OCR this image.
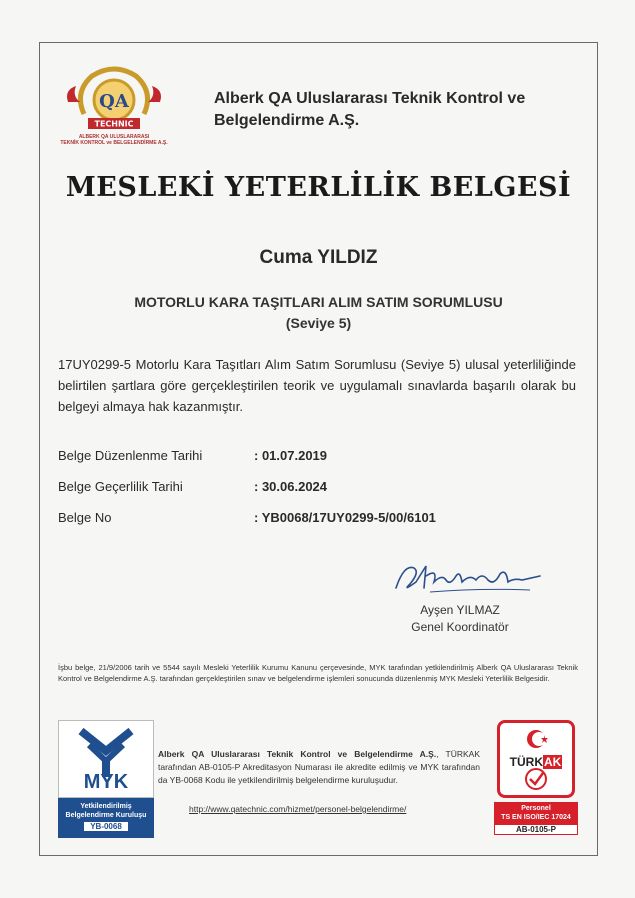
QA
TECHNIC
ALBERK QA ULUSLARARASI
TEKNİK KONTROL ve BELGELENDİRME A.Ş.
Alberk QA Uluslararası Teknik Kontrol ve
Belgelendirme A.Ş.
MESLEKİ YETERLİLİK BELGESİ
Cuma YILDIZ
MOTORLU KARA TAŞITLARI ALIM SATIM SORUMLUSU
(Seviye 5)
17UY0299-5 Motorlu Kara Taşıtları Alım Satım Sorumlusu (Seviye 5) ulusal yeterliliğinde belirtilen şartlara göre gerçekleştirilen teorik ve uygulamalı sınavlarda başarılı olarak bu belgeyi almaya hak kazanmıştır.
Belge Düzenlenme Tarihi	: 01.07.2019
Belge Geçerlilik Tarihi	: 30.06.2024
Belge No	: YB0068/17UY0299-5/00/6101
Ayşen YILMAZ
Genel Koordinatör
İşbu belge, 21/9/2006 tarih ve 5544 sayılı Mesleki Yeterlilik Kurumu Kanunu çerçevesinde, MYK tarafından yetkilendirilmiş Alberk QA Uluslararası Teknik Kontrol ve Belgelendirme A.Ş. tarafından gerçekleştirilen sınav ve belgelendirme işlemleri sonucunda düzenlenmiş MYK Mesleki Yeterlilik Belgesidir.
MYK
Yetkilendirilmiş
Belgelendirme Kuruluşu
YB-0068
Alberk QA Uluslararası Teknik Kontrol ve Belgelendirme A.Ş., TÜRKAK tarafından AB-0105-P Akreditasyon Numarası ile akredite edilmiş ve MYK tarafından da YB-0068 Kodu ile yetkilendirilmiş belgelendirme kuruluşudur.
http://www.qatechnic.com/hizmet/personel-belgelendirme/
TÜRKAK
Personel
TS EN ISO/IEC 17024
AB-0105-P
